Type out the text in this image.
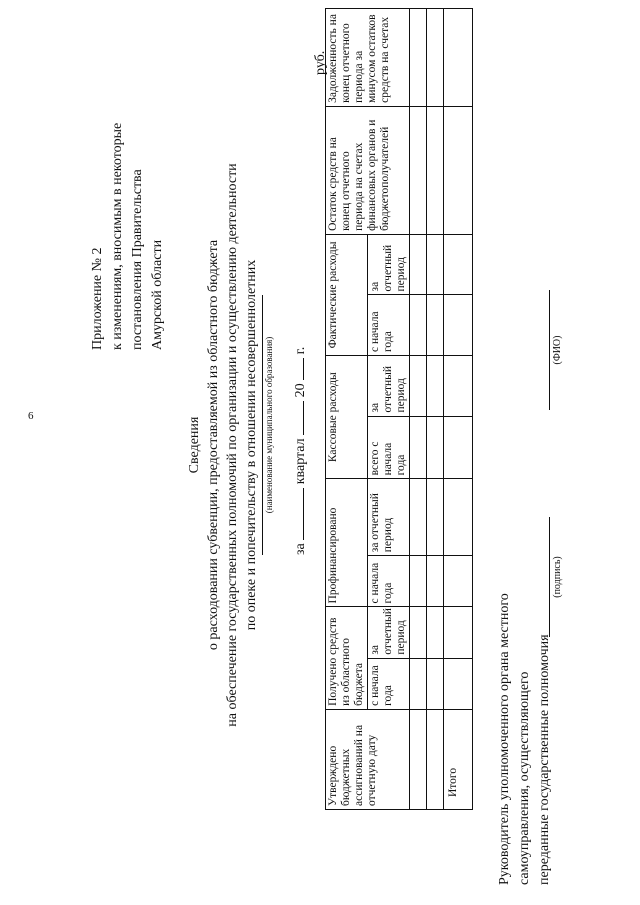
6
Приложение № 2 к изменениям, вносимым в некоторые постановления Правительства Амурской области
Сведения о расходовании субвенции, предоставляемой из областного бюджета на обеспечение государственных полномочий по организации и осуществлению деятельности по опеке и попечительству в отношении несовершеннолетних (наименование муниципального образования)
за  квартал  20  г.
руб.
Утверждено бюджетных ассигнований на отчетную дату	Получено средств из областного бюджета		Профинансировано		Кассовые расходы		Фактические расходы		Остаток средств на конец отчетного периода на счетах финансовых органов и бюджетополучателей	Задолженность на конец отчетного периода за минусом остатков средств на счетах
	с начала года	за отчетный период	с начала года	за отчетный период	всего с начала года	за отчетный период	с начала года	за отчетный период		

Итого											Руководитель уполномоченного органа местного самоуправления, осуществляющего переданные государственные полномочия
(подпись)
(ФИО)
